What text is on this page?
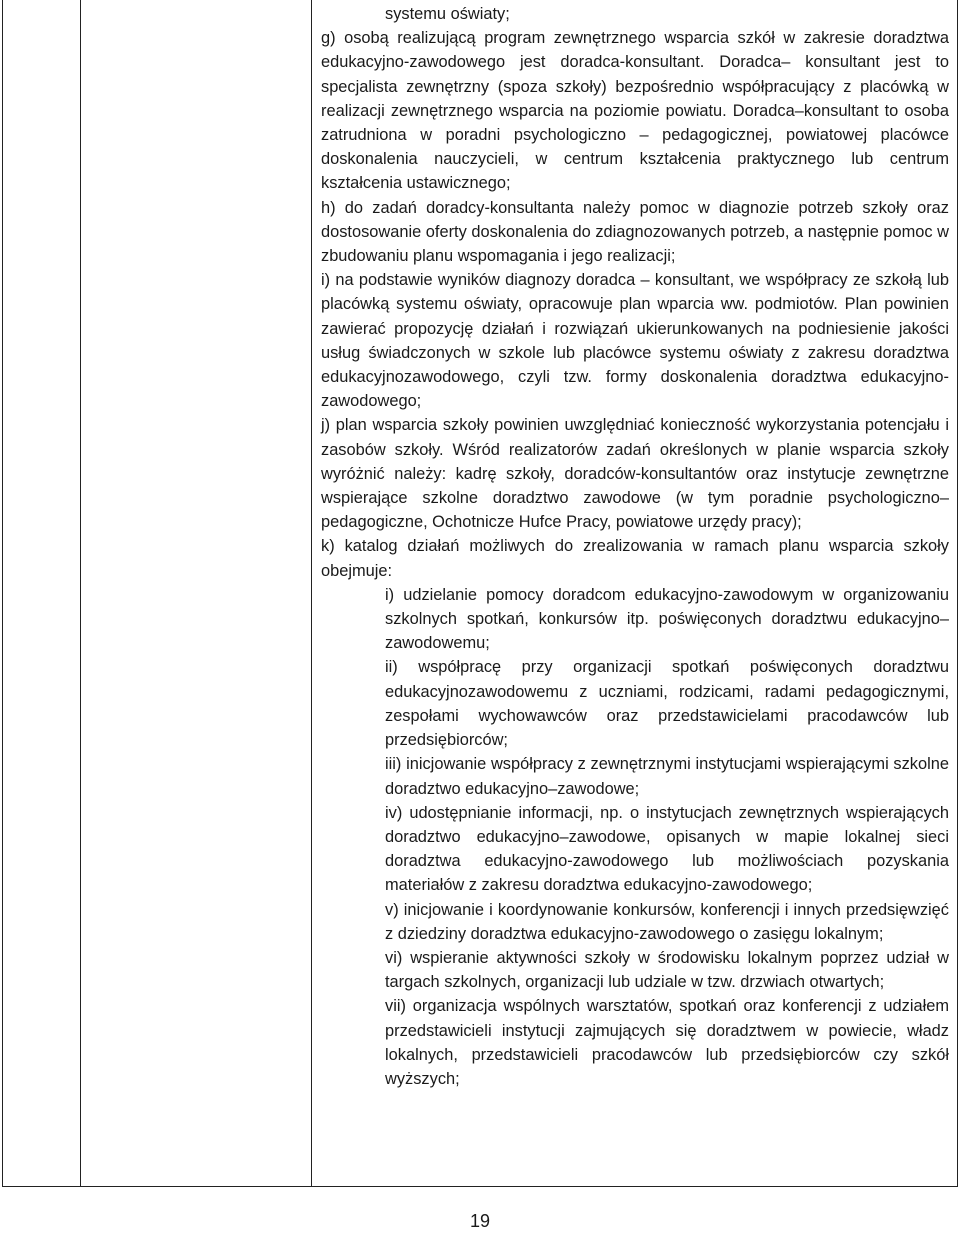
systemu oświaty;

g) osobą realizującą program zewnętrznego wsparcia szkół w zakresie doradztwa edukacyjno-zawodowego jest doradca-konsultant. Doradca– konsultant jest to specjalista zewnętrzny (spoza szkoły) bezpośrednio współpracujący z placówką w realizacji zewnętrznego wsparcia na poziomie powiatu. Doradca–konsultant to osoba zatrudniona w poradni psychologiczno – pedagogicznej, powiatowej placówce doskonalenia nauczycieli, w centrum kształcenia praktycznego lub centrum kształcenia ustawicznego;

h) do zadań doradcy-konsultanta należy pomoc w diagnozie potrzeb szkoły oraz dostosowanie oferty doskonalenia do zdiagnozowanych potrzeb, a następnie pomoc w zbudowaniu planu wspomagania i jego realizacji;

i) na podstawie wyników diagnozy doradca – konsultant, we współpracy ze szkołą lub placówką systemu oświaty, opracowuje plan wparcia ww. podmiotów. Plan powinien zawierać propozycję działań i rozwiązań ukierunkowanych na podniesienie jakości usług świadczonych w szkole lub placówce systemu oświaty z zakresu doradztwa edukacyjnozawodowego, czyli tzw. formy doskonalenia doradztwa edukacyjno-zawodowego;

j) plan wsparcia szkoły powinien uwzględniać konieczność wykorzystania potencjału i zasobów szkoły. Wśród realizatorów zadań określonych w planie wsparcia szkoły wyróżnić należy: kadrę szkoły, doradców-konsultantów oraz instytucje zewnętrzne wspierające szkolne doradztwo zawodowe (w tym poradnie psychologiczno–pedagogiczne, Ochotnicze Hufce Pracy, powiatowe urzędy pracy);

k) katalog działań możliwych do zrealizowania w ramach planu wsparcia szkoły obejmuje:

i) udzielanie pomocy doradcom edukacyjno-zawodowym w organizowaniu szkolnych spotkań, konkursów itp. poświęconych doradztwu edukacyjno–zawodowemu;

ii) współpracę przy organizacji spotkań poświęconych doradztwu edukacyjnozawodowemu z uczniami, rodzicami, radami pedagogicznymi, zespołami wychowawców oraz przedstawicielami pracodawców lub przedsiębiorców;

iii) inicjowanie współpracy z zewnętrznymi instytucjami wspierającymi szkolne doradztwo edukacyjno–zawodowe;

iv) udostępnianie informacji, np. o instytucjach zewnętrznych wspierających doradztwo edukacyjno–zawodowe, opisanych w mapie lokalnej sieci doradztwa edukacyjno-zawodowego lub możliwościach pozyskania materiałów z zakresu doradztwa edukacyjno-zawodowego;

v) inicjowanie i koordynowanie konkursów, konferencji i innych przedsięwzięć z dziedziny doradztwa edukacyjno-zawodowego o zasięgu lokalnym;

vi) wspieranie aktywności szkoły w środowisku lokalnym poprzez udział w targach szkolnych, organizacji lub udziale w tzw. drzwiach otwartych;

vii) organizacja wspólnych warsztatów, spotkań oraz konferencji z udziałem przedstawicieli instytucji zajmujących się doradztwem w powiecie, władz lokalnych, przedstawicieli pracodawców lub przedsiębiorców czy szkół wyższych;

19
